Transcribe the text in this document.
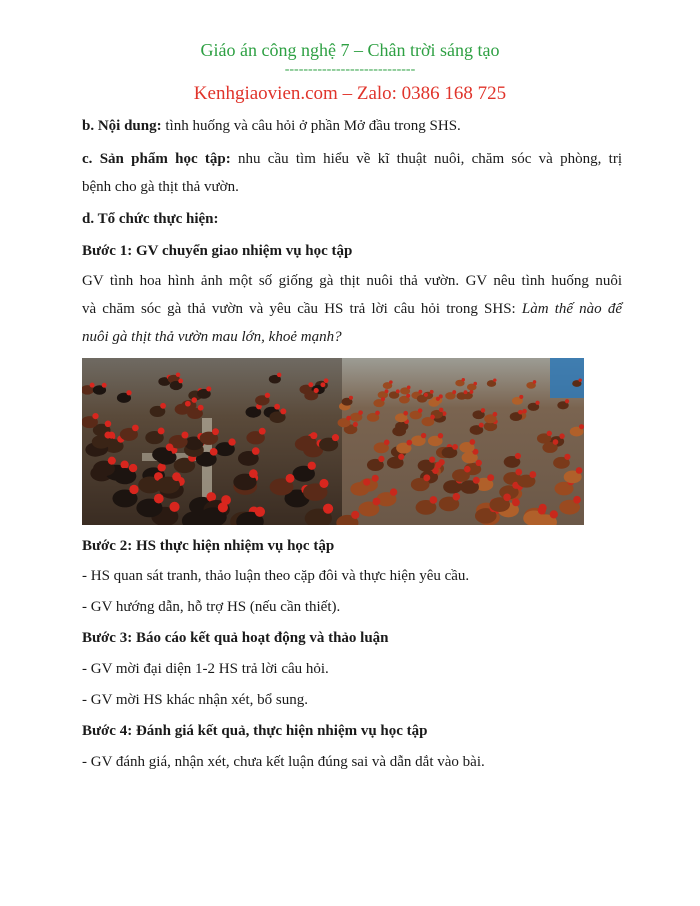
Giáo án công nghệ 7 – Chân trời sáng tạo
----------------------------
Kenhgiaovien.com – Zalo: 0386 168 725
b. Nội dung: tình huống và câu hỏi ở phần Mở đầu trong SHS.
c. Sản phẩm học tập: nhu cầu tìm hiểu về kĩ thuật nuôi, chăm sóc và phòng, trị
bệnh cho gà thịt thả vườn.
d. Tổ chức thực hiện:
Bước 1: GV chuyển giao nhiệm vụ học tập
GV tình hoa hình ảnh một số giống gà thịt nuôi thả vườn. GV nêu tình huống nuôi
và chăm sóc gà thả vườn và yêu cầu HS trả lời câu hỏi trong SHS: Làm thế nào để
nuôi gà thịt thả vườn mau lớn, khoẻ mạnh?
Bước 2: HS thực hiện nhiệm vụ học tập
- HS quan sát tranh, thảo luận theo cặp đôi và thực hiện yêu cầu.
- GV hướng dẫn, hỗ trợ HS (nếu cần thiết).
Bước 3: Báo cáo kết quả hoạt động và thảo luận
- GV mời đại diện 1-2 HS trả lời câu hỏi.
- GV mời HS khác nhận xét, bổ sung.
Bước 4: Đánh giá kết quả, thực hiện nhiệm vụ học tập
- GV đánh giá, nhận xét, chưa kết luận đúng sai và dẫn dắt vào bài.
